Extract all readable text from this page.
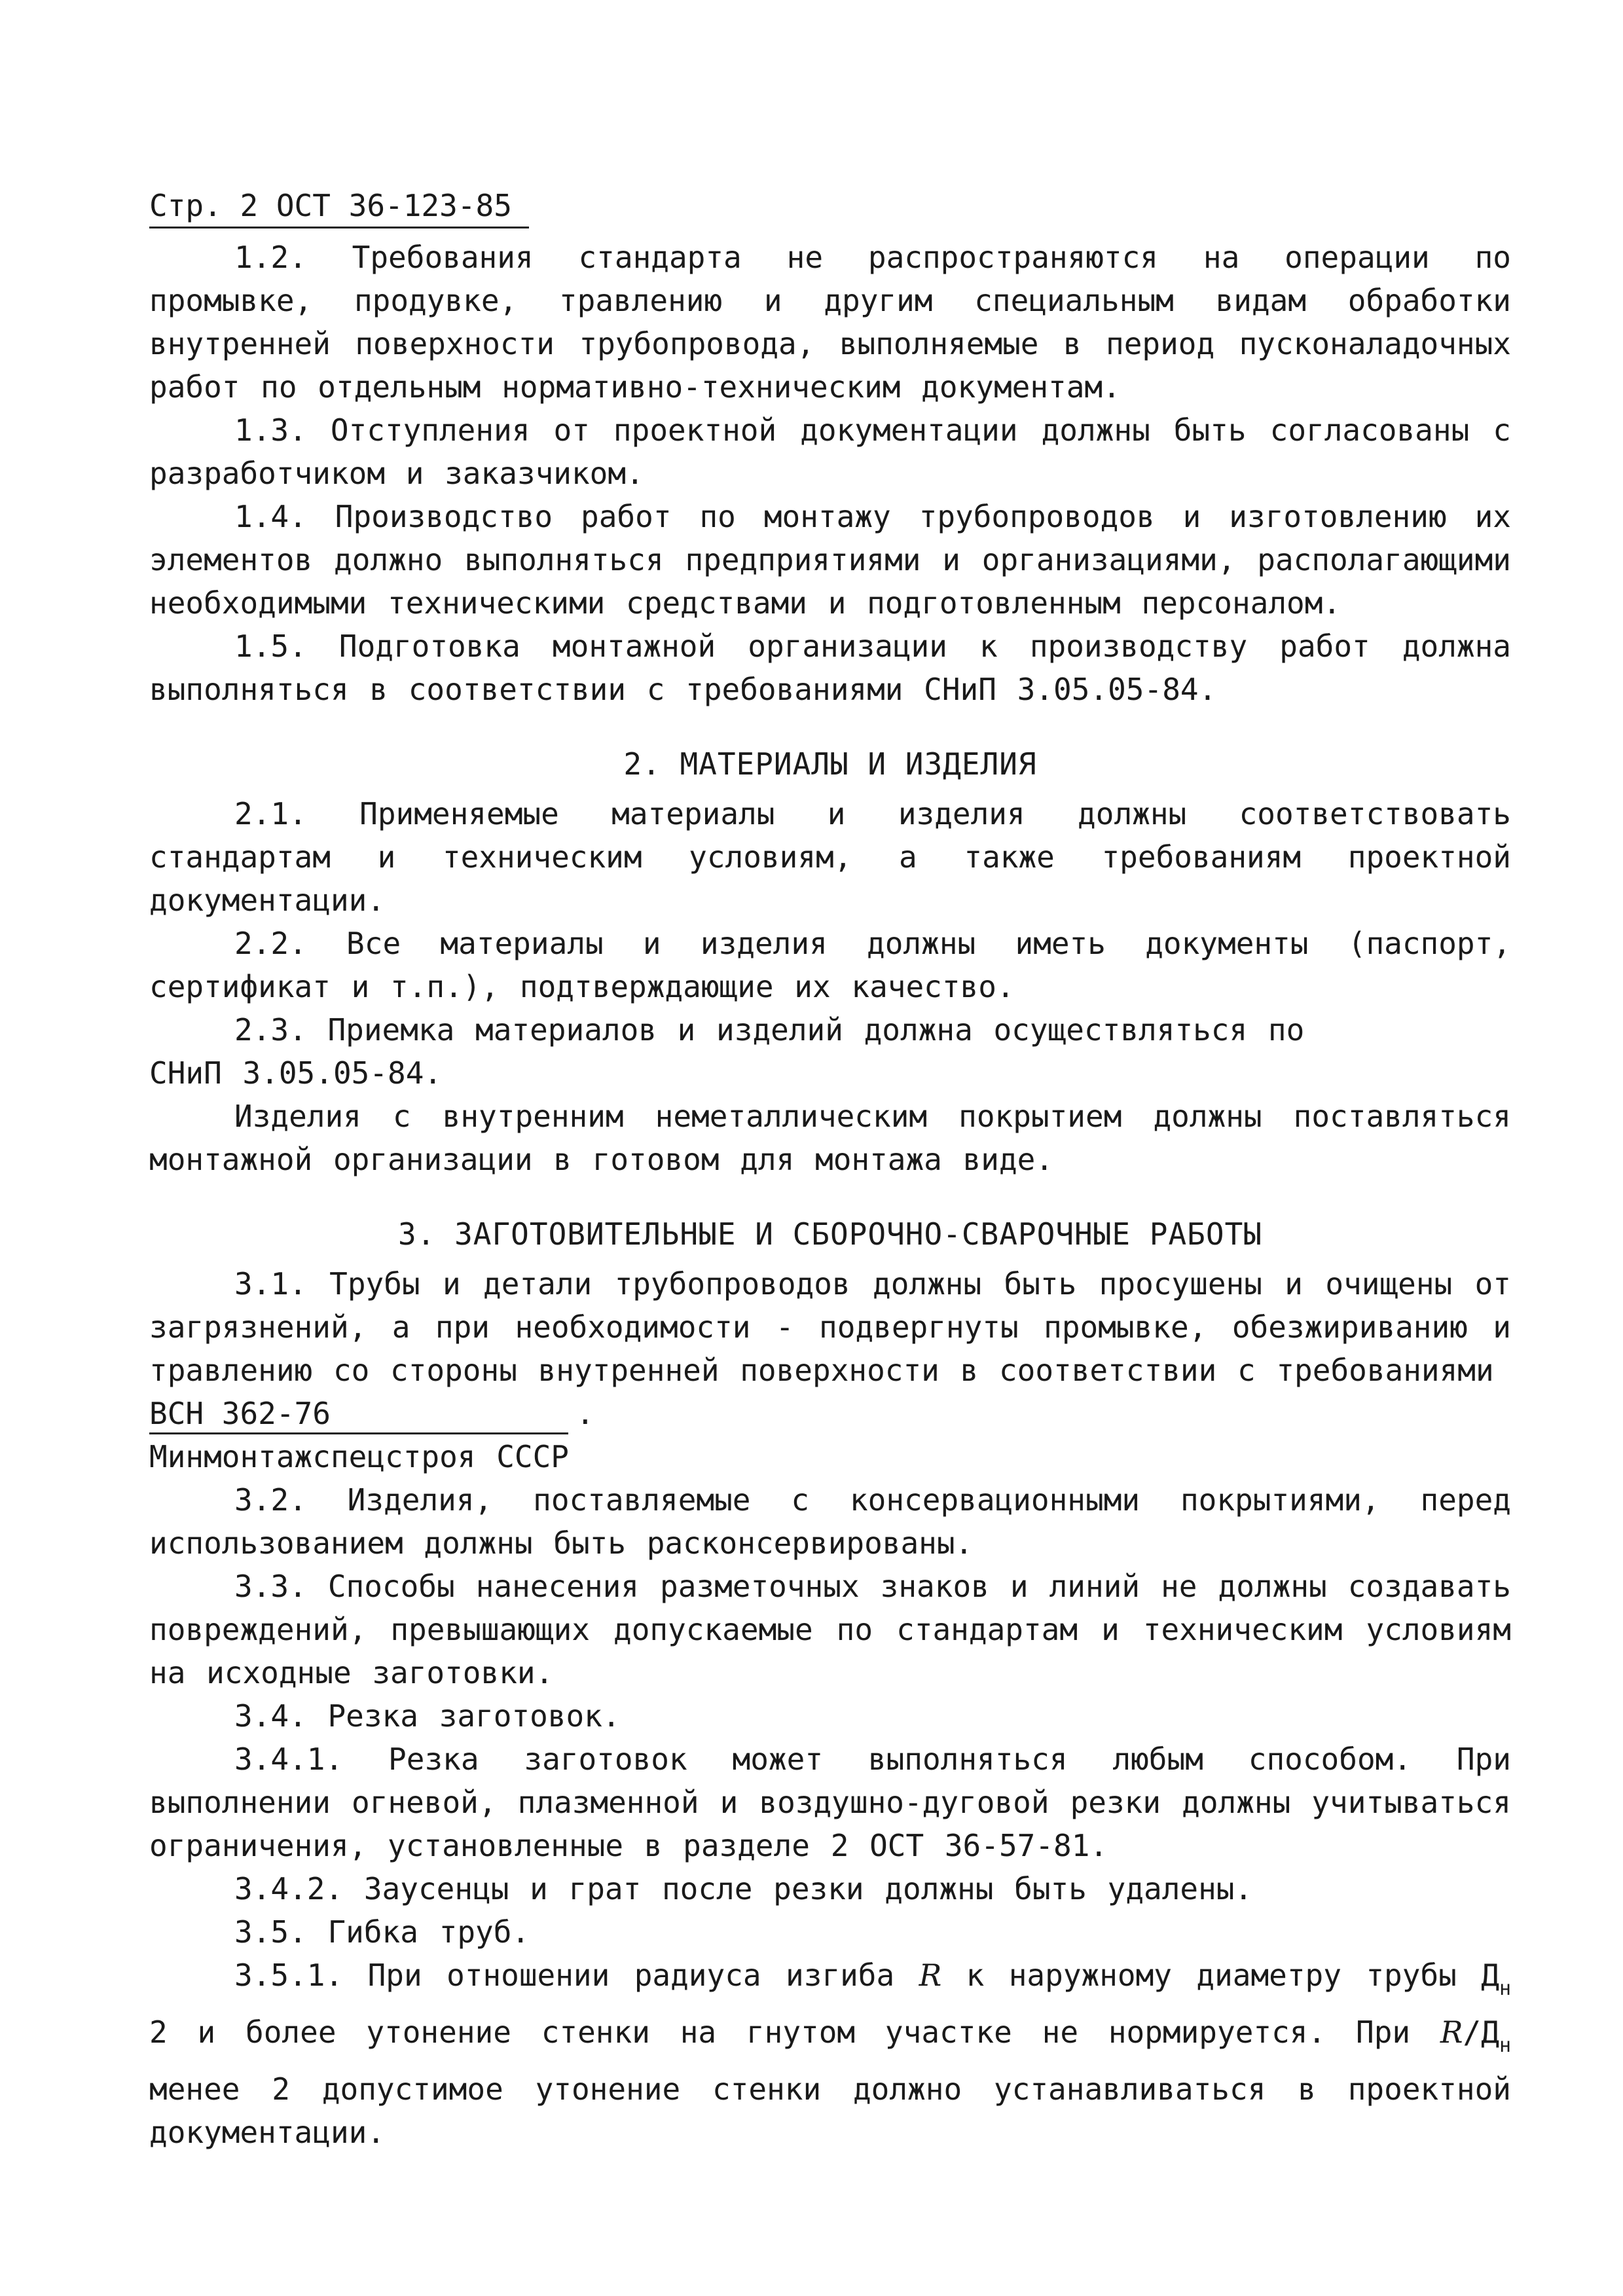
Стр. 2 ОСТ 36-123-85

1.2. Требования стандарта не распространяются на операции по промывке, продувке, травлению и другим специальным видам обработки внутренней поверхности трубопровода, выполняемые в период пусконаладочных работ по отдельным нормативно-техническим документам.

1.3. Отступления от проектной документации должны быть согласованы с разработчиком и заказчиком.

1.4. Производство работ по монтажу трубопроводов и изготовлению их элементов должно выполняться предприятиями и организациями, располагающими необходимыми техническими средствами и подготовленным персоналом.

1.5. Подготовка монтажной организации к производству работ должна выполняться в соответствии с требованиями СНиП 3.05.05-84.

2. МАТЕРИАЛЫ И ИЗДЕЛИЯ

2.1. Применяемые материалы и изделия должны соответствовать стандартам и техническим условиям, а также требованиям проектной документации.

2.2. Все материалы и изделия должны иметь документы (паспорт, сертификат и т.п.), подтверждающие их качество.

2.3. Приемка материалов и изделий должна осуществляться по

СНиП 3.05.05-84.

Изделия с внутренним неметаллическим покрытием должны поставляться монтажной организации в готовом для монтажа виде.

3. ЗАГОТОВИТЕЛЬНЫЕ И СБОРОЧНО-СВАРОЧНЫЕ РАБОТЫ

3.1. Трубы и детали трубопроводов должны быть просушены и очищены от загрязнений, а при необходимости - подвергнуты промывке, обезжириванию и травлению со стороны внутренней поверхности в соответствии с требованиями

ВСН 362-76	.

Минмонтажспецстроя СССР

3.2. Изделия, поставляемые с консервационными покрытиями, перед использованием должны быть расконсервированы.

3.3. Способы нанесения разметочных знаков и линий не должны создавать повреждений, превышающих допускаемые по стандартам и техническим условиям на исходные заготовки.

3.4. Резка заготовок.

3.4.1. Резка заготовок может выполняться любым способом. При выполнении огневой, плазменной и воздушно-дуговой резки должны учитываться ограничения, установленные в разделе 2 ОСТ 36-57-81.

3.4.2. Заусенцы и грат после резки должны быть удалены.

3.5. Гибка труб.

3.5.1. При отношении радиуса изгиба R к наружному диаметру трубы $Д_н$ 2 и более утонение стенки на гнутом участке не нормируется. При $R/Д_н$ менее 2 допустимое утонение стенки должно устанавливаться в проектной документации.
